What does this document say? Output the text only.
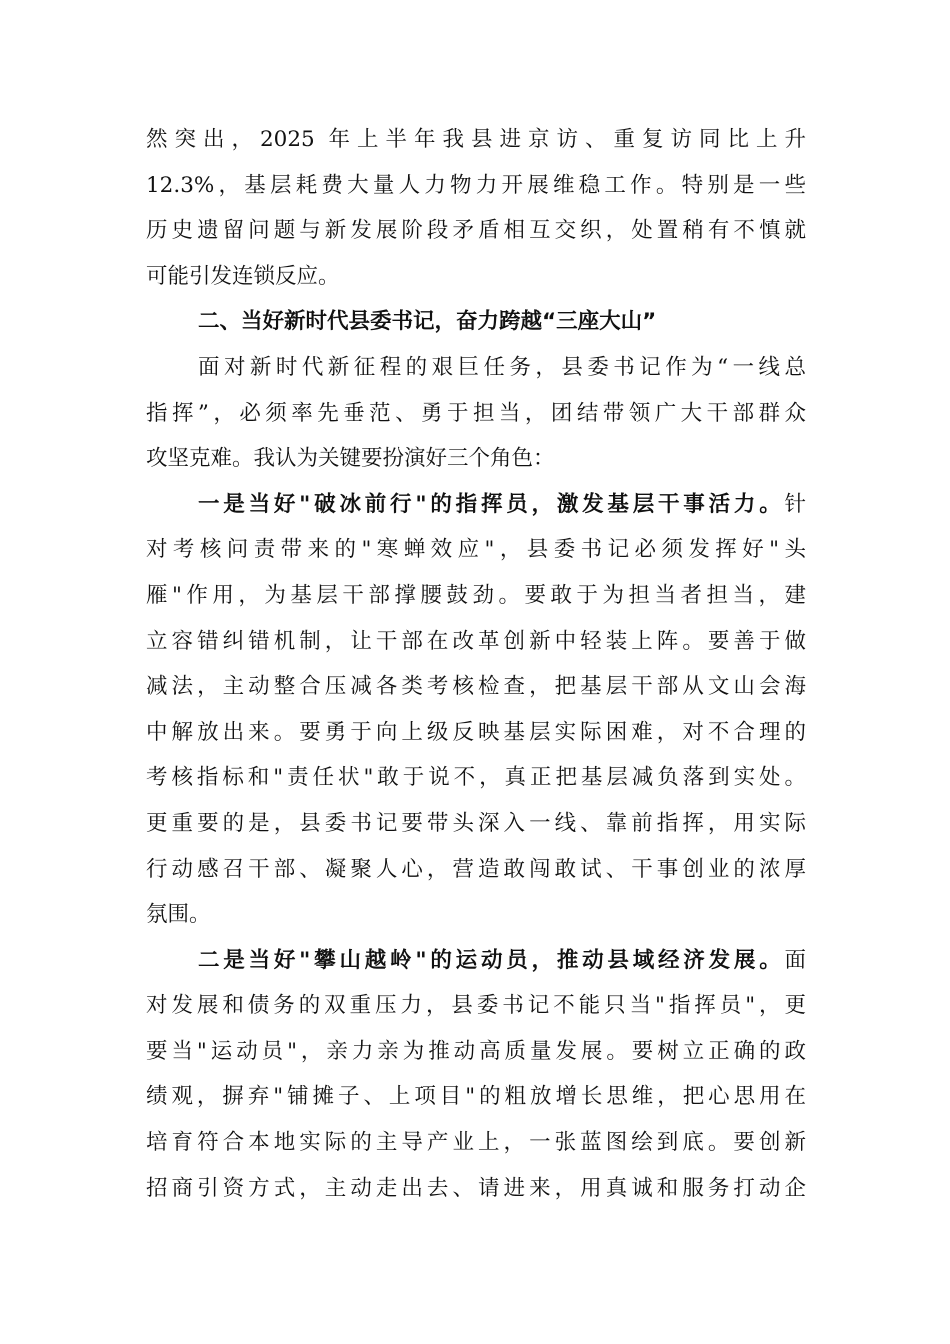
然突出，2025 年上半年我县进京访、重复访同比上升
12.3%，基层耗费大量人力物力开展维稳工作。特别是一些
历史遗留问题与新发展阶段矛盾相互交织，处置稍有不慎就
可能引发连锁反应。
二、当好新时代县委书记，奋力跨越“三座大山”
面对新时代新征程的艰巨任务，县委书记作为“一线总
指挥”，必须率先垂范、勇于担当，团结带领广大干部群众
攻坚克难。我认为关键要扮演好三个角色：
一是当好"破冰前行"的指挥员，激发基层干事活力。针
对考核问责带来的"寒蝉效应"，县委书记必须发挥好"头
雁"作用，为基层干部撑腰鼓劲。要敢于为担当者担当，建
立容错纠错机制，让干部在改革创新中轻装上阵。要善于做
减法，主动整合压减各类考核检查，把基层干部从文山会海
中解放出来。要勇于向上级反映基层实际困难，对不合理的
考核指标和"责任状"敢于说不，真正把基层减负落到实处。
更重要的是，县委书记要带头深入一线、靠前指挥，用实际
行动感召干部、凝聚人心，营造敢闯敢试、干事创业的浓厚
氛围。
二是当好"攀山越岭"的运动员，推动县域经济发展。面
对发展和债务的双重压力，县委书记不能只当"指挥员"，更
要当"运动员"，亲力亲为推动高质量发展。要树立正确的政
绩观，摒弃"铺摊子、上项目"的粗放增长思维，把心思用在
培育符合本地实际的主导产业上，一张蓝图绘到底。要创新
招商引资方式，主动走出去、请进来，用真诚和服务打动企
